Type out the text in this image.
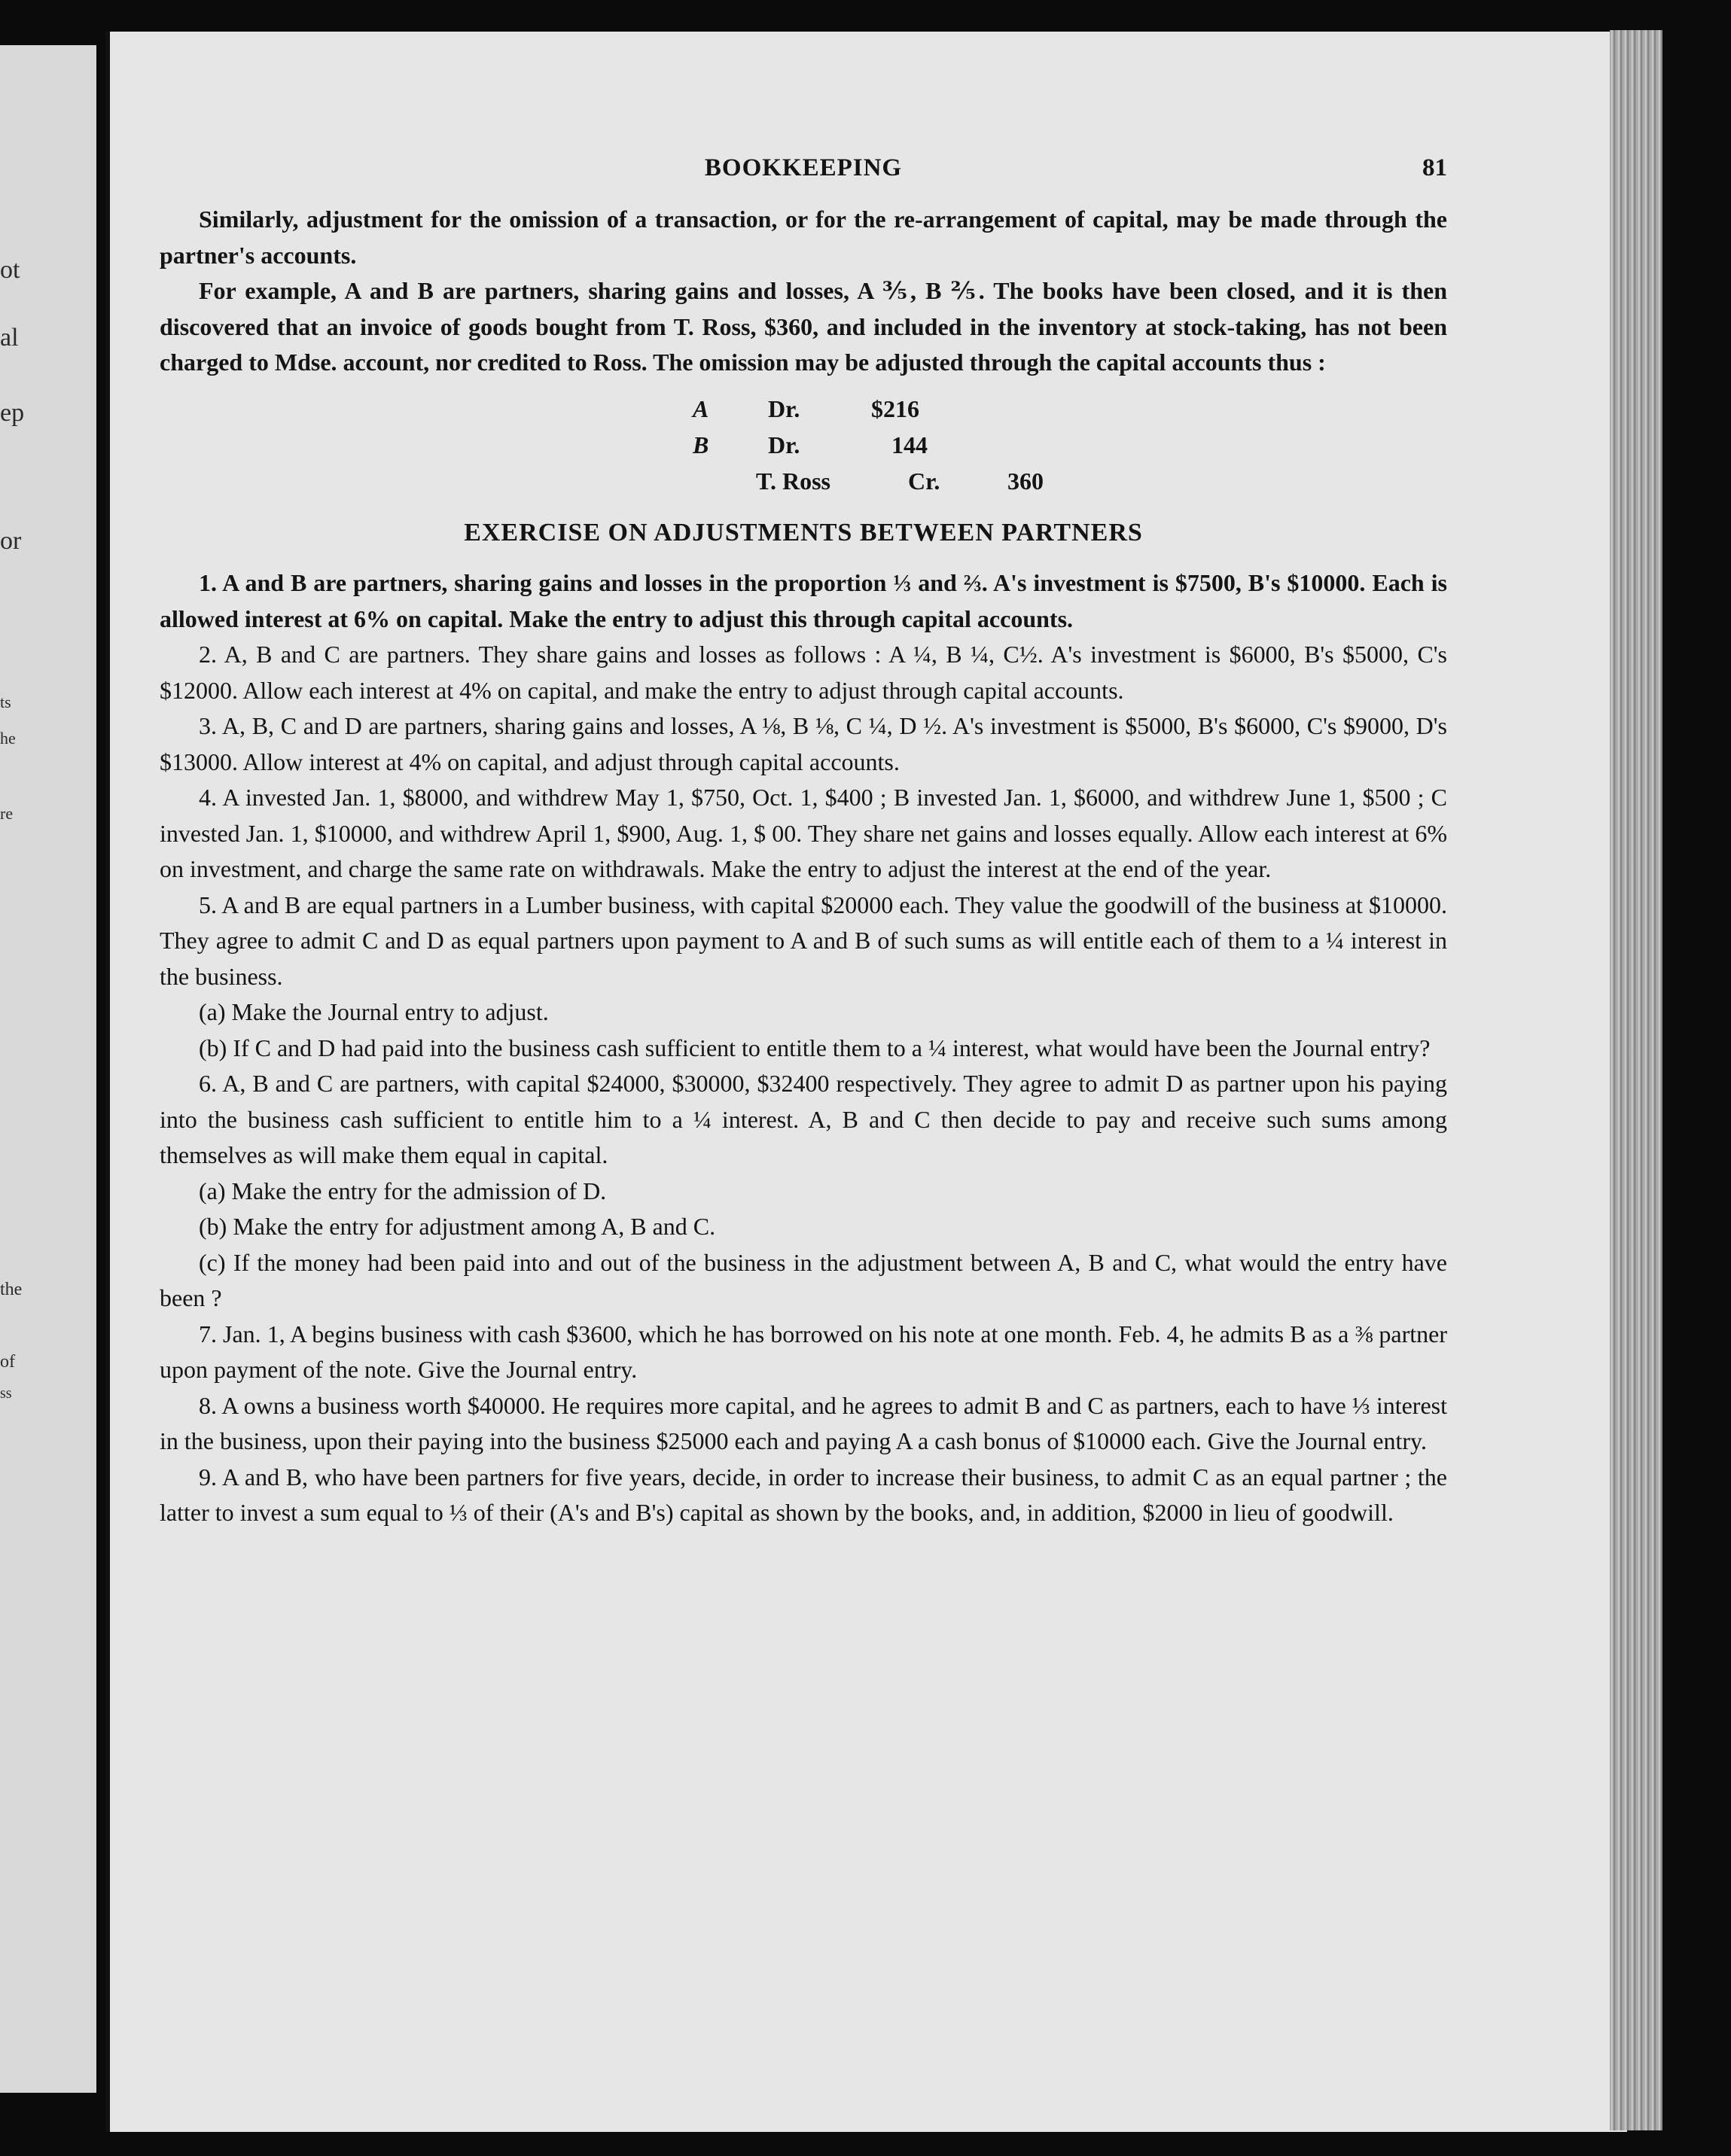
ot
al
ep
or
ts
he
re
the
of
ss
BOOKKEEPING	81

Similarly, adjustment for the omission of a transaction, or for the re-arrangement of capital, may be made through the partner's accounts.

For example, A and B are partners, sharing gains and losses, A ⅗, B ⅖. The books have been closed, and it is then discovered that an invoice of goods bought from T. Ross, $360, and included in the inventory at stock-taking, has not been charged to Mdse. account, nor credited to Ross. The omission may be adjusted through the capital accounts thus :

A Dr.	$216
B Dr.	144
T. Ross	Cr.	360
EXERCISE ON ADJUSTMENTS BETWEEN PARTNERS

1. A and B are partners, sharing gains and losses in the proportion ⅓ and ⅔. A's investment is $7500, B's $10000. Each is allowed interest at 6% on capital. Make the entry to adjust this through capital accounts.

2. A, B and C are partners. They share gains and losses as follows : A ¼, B ¼, C½. A's investment is $6000, B's $5000, C's $12000. Allow each interest at 4% on capital, and make the entry to adjust through capital accounts.

3. A, B, C and D are partners, sharing gains and losses, A ⅛, B ⅛, C ¼, D ½. A's investment is $5000, B's $6000, C's $9000, D's $13000. Allow interest at 4% on capital, and adjust through capital accounts.

4. A invested Jan. 1, $8000, and withdrew May 1, $750, Oct. 1, $400 ; B invested Jan. 1, $6000, and withdrew June 1, $500 ; C invested Jan. 1, $10000, and withdrew April 1, $900, Aug. 1, $ 00. They share net gains and losses equally. Allow each interest at 6% on investment, and charge the same rate on withdrawals. Make the entry to adjust the interest at the end of the year.

5. A and B are equal partners in a Lumber business, with capital $20000 each. They value the goodwill of the business at $10000. They agree to admit C and D as equal partners upon payment to A and B of such sums as will entitle each of them to a ¼ interest in the business.

(a) Make the Journal entry to adjust.

(b) If C and D had paid into the business cash sufficient to entitle them to a ¼ interest, what would have been the Journal entry?

6. A, B and C are partners, with capital $24000, $30000, $32400 respectively. They agree to admit D as partner upon his paying into the business cash sufficient to entitle him to a ¼ interest. A, B and C then decide to pay and receive such sums among themselves as will make them equal in capital.

(a) Make the entry for the admission of D.

(b) Make the entry for adjustment among A, B and C.

(c) If the money had been paid into and out of the business in the adjustment between A, B and C, what would the entry have been ?

7. Jan. 1, A begins business with cash $3600, which he has borrowed on his note at one month. Feb. 4, he admits B as a ⅜ partner upon payment of the note. Give the Journal entry.

8. A owns a business worth $40000. He requires more capital, and he agrees to admit B and C as partners, each to have ⅓ interest in the business, upon their paying into the business $25000 each and paying A a cash bonus of $10000 each. Give the Journal entry.

9. A and B, who have been partners for five years, decide, in order to increase their business, to admit C as an equal partner ; the latter to invest a sum equal to ⅓ of their (A's and B's) capital as shown by the books, and, in addition, $2000 in lieu of goodwill.
